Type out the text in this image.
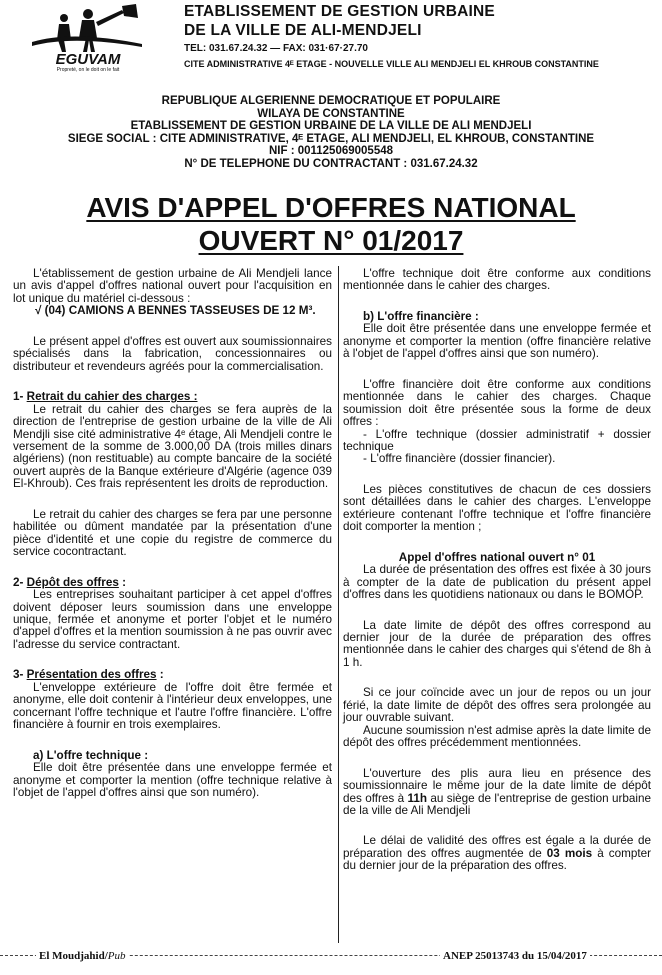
EGUVAM
Propreté, on le doit on le fait
ETABLISSEMENT DE GESTION URBAINE
DE LA VILLE DE ALI-MENDJELI
TEL: 031.67.24.32 — FAX: 031·67·27.70
CITE ADMINISTRATIVE 4ᴱ ETAGE - NOUVELLE VILLE ALI MENDJELI EL KHROUB CONSTANTINE
REPUBLIQUE ALGERIENNE DEMOCRATIQUE ET POPULAIRE
WILAYA DE CONSTANTINE
ETABLISSEMENT DE GESTION URBAINE DE LA VILLE DE ALI MENDJELI
SIEGE SOCIAL : CITE ADMINISTRATIVE, 4ᴱ ETAGE, ALI MENDJELI, EL KHROUB, CONSTANTINE
NIF : 001125069005548
N° DE TELEPHONE DU CONTRACTANT : 031.67.24.32
AVIS D'APPEL D'OFFRES NATIONAL
OUVERT N° 01/2017

L'établissement de gestion urbaine de Ali Mendjeli lance un avis d'appel d'offres national ouvert pour l'acquisition en lot unique du matériel ci-dessous :

√ (04) CAMIONS A BENNES TASSEUSES DE 12 M³.

Le présent appel d'offres est ouvert aux soumissionnaires spécialisés dans la fabrication, concessionnaires ou distributeur et revendeurs agréés pour la commercialisation.

1- Retrait du cahier des charges :

Le retrait du cahier des charges se fera auprès de la direction de l'entreprise de gestion urbaine de la ville de Ali Mendjli sise cité administrative 4ᵉ étage, Ali Mendjeli contre le versement de la somme de 3.000,00 DA (trois milles dinars algériens) (non restituable) au compte bancaire de la société ouvert auprès de la Banque extérieure d'Algérie (agence 039 El-Khroub). Ces frais représentent les droits de reproduction.

Le retrait du cahier des charges se fera par une personne habilitée ou dûment mandatée par la présentation d'une pièce d'identité et une copie du registre de commerce du service cocontractant.

2- Dépôt des offres :

Les entreprises souhaitant participer à cet appel d'offres doivent déposer leurs soumission dans une enveloppe unique, fermée et anonyme et porter l'objet et le numéro d'appel d'offres et la mention soumission à ne pas ouvrir avec l'adresse du service contractant.

3- Présentation des offres :

L'enveloppe extérieure de l'offre doit être fermée et anonyme, elle doit contenir à l'intérieur deux enveloppes, une concernant l'offre technique et l'autre l'offre financière. L'offre financière à fournir en trois exemplaires.

a) L'offre technique :

Elle doit être présentée dans une enveloppe fermée et anonyme et comporter la mention (offre technique relative à l'objet de l'appel d'offres ainsi que son numéro).

L'offre technique doit être conforme aux conditions mentionnée dans le cahier des charges.

b) L'offre financière :

Elle doit être présentée dans une enveloppe fermée et anonyme et comporter la mention (offre financière relative à l'objet de l'appel d'offres ainsi que son numéro).

L'offre financière doit être conforme aux conditions mentionnée dans le cahier des charges. Chaque soumission doit être présentée sous la forme de deux offres :

- L'offre technique (dossier administratif + dossier technique

- L'offre financière (dossier financier).

Les pièces constitutives de chacun de ces dossiers sont détaillées dans le cahier des charges. L'enveloppe extérieure contenant l'offre technique et l'offre financière doit comporter la mention ;

Appel d'offres national ouvert n° 01

La durée de présentation des offres est fixée à 30 jours à compter de la date de publication du présent appel d'offres dans les quotidiens nationaux ou dans le BOMOP.

La date limite de dépôt des offres correspond au dernier jour de la durée de préparation des offres mentionnée dans le cahier des charges qui s'étend de 8h à 1 h.

Si ce jour coïncide avec un jour de repos ou un jour férié, la date limite de dépôt des offres sera prolongée au jour ouvrable suivant.

Aucune soumission n'est admise après la date limite de dépôt des offres précédemment mentionnées.

L'ouverture des plis aura lieu en présence des soumissionnaire le même jour de la date limite de dépôt des offres à 11h au siège de l'entreprise de gestion urbaine de la ville de Ali Mendjeli

Le délai de validité des offres est égale a la durée de préparation des offres augmentée de 03 mois à compter du dernier jour de la préparation des offres.

El Moudjahid/Pub	ANEP 25013743 du 15/04/2017
